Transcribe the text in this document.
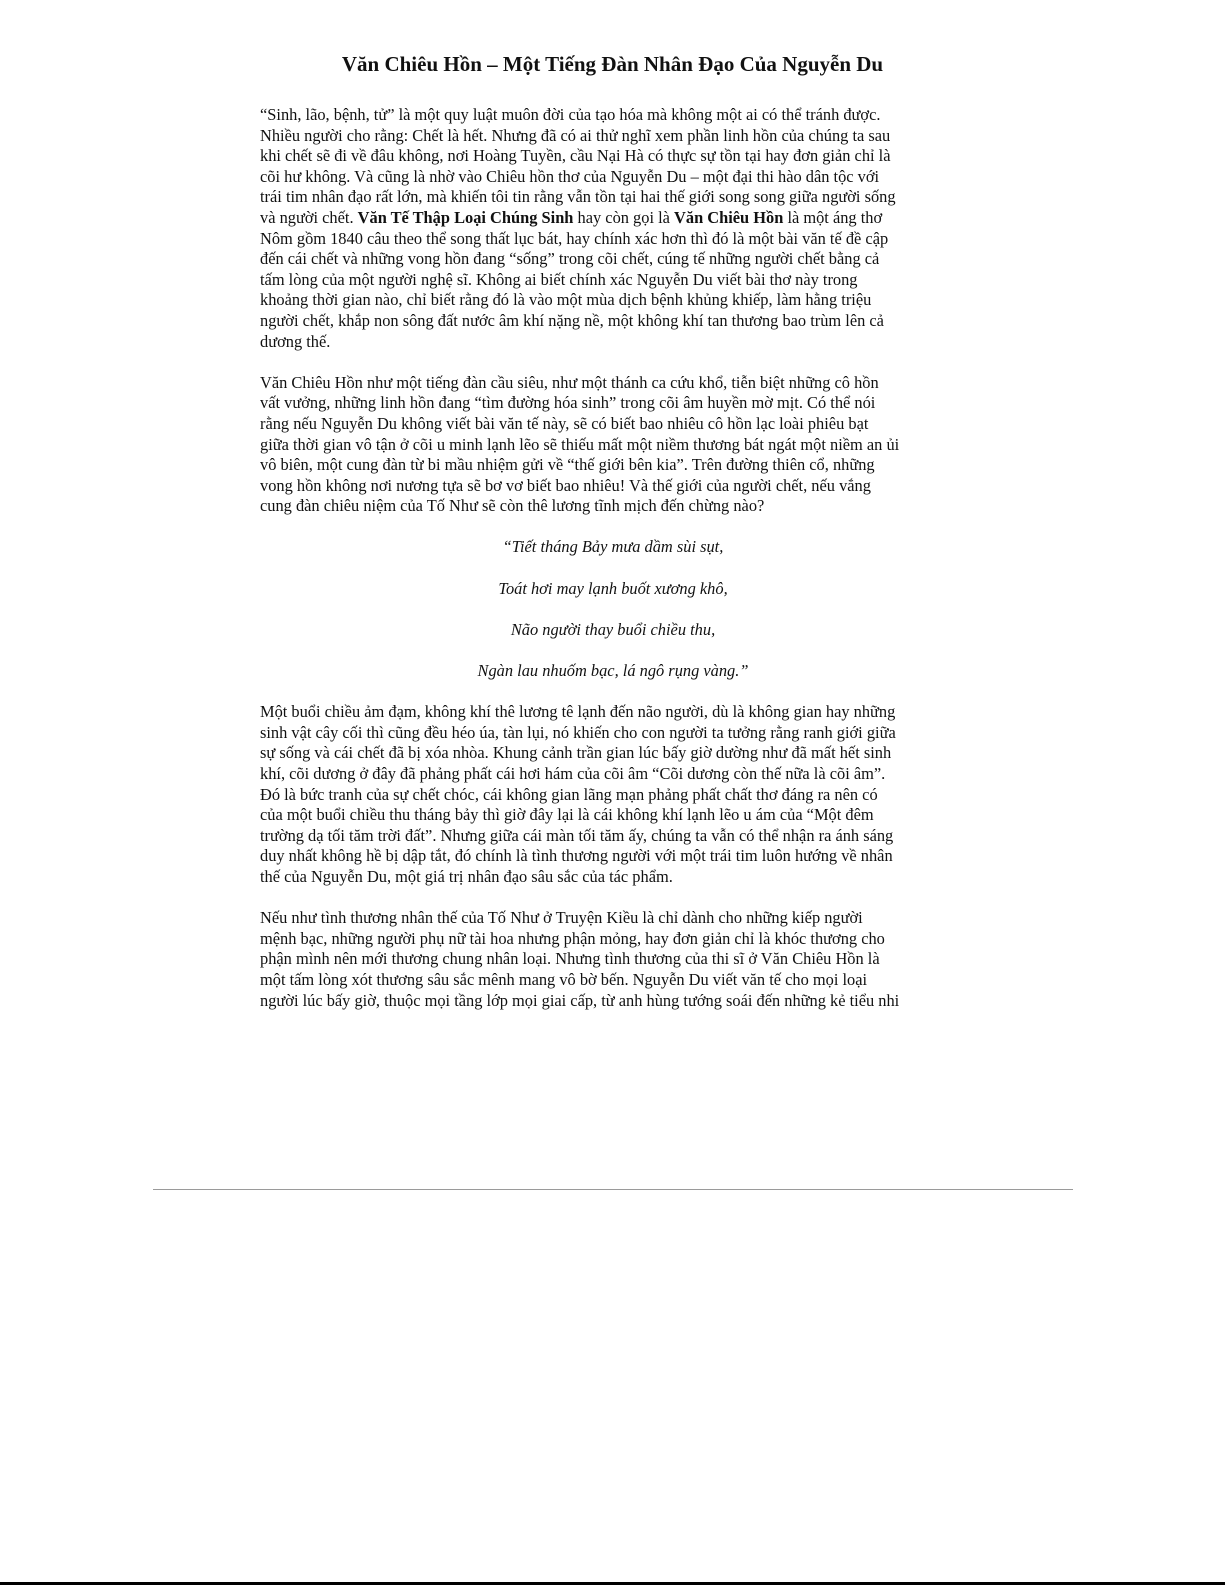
Văn Chiêu Hồn – Một Tiếng Đàn Nhân Đạo Của Nguyễn Du

“Sinh, lão, bệnh, tử” là một quy luật muôn đời của tạo hóa mà không một ai có thể tránh được.
Nhiều người cho rằng: Chết là hết. Nhưng đã có ai thử nghĩ xem phần linh hồn của chúng ta sau
khi chết sẽ đi về đâu không, nơi Hoàng Tuyền, cầu Nại Hà có thực sự tồn tại hay đơn giản chỉ là
cõi hư không. Và cũng là nhờ vào Chiêu hồn thơ của Nguyễn Du – một đại thi hào dân tộc với
trái tim nhân đạo rất lớn, mà khiến tôi tin rằng vẫn tồn tại hai thế giới song song giữa người sống
và người chết. Văn Tế Thập Loại Chúng Sinh hay còn gọi là Văn Chiêu Hồn là một áng thơ
Nôm gồm 1840 câu theo thể song thất lục bát, hay chính xác hơn thì đó là một bài văn tế đề cập
đến cái chết và những vong hồn đang “sống” trong cõi chết, cúng tế những người chết bằng cả
tấm lòng của một người nghệ sĩ. Không ai biết chính xác Nguyễn Du viết bài thơ này trong
khoảng thời gian nào, chỉ biết rằng đó là vào một mùa dịch bệnh khủng khiếp, làm hằng triệu
người chết, khắp non sông đất nước âm khí nặng nề, một không khí tan thương bao trùm lên cả
dương thế.

Văn Chiêu Hồn như một tiếng đàn cầu siêu, như một thánh ca cứu khổ, tiễn biệt những cô hồn
vất vưởng, những linh hồn đang “tìm đường hóa sinh” trong cõi âm huyền mờ mịt. Có thể nói
rằng nếu Nguyễn Du không viết bài văn tế này, sẽ có biết bao nhiêu cô hồn lạc loài phiêu bạt
giữa thời gian vô tận ở cõi u minh lạnh lẽo sẽ thiếu mất một niềm thương bát ngát một niềm an ủi
vô biên, một cung đàn từ bi mầu nhiệm gửi về “thế giới bên kia”. Trên đường thiên cổ, những
vong hồn không nơi nương tựa sẽ bơ vơ biết bao nhiêu! Và thế giới của người chết, nếu vắng
cung đàn chiêu niệm của Tố Như sẽ còn thê lương tĩnh mịch đến chừng nào?

“Tiết tháng Bảy mưa dầm sùi sụt,
Toát hơi may lạnh buốt xương khô,
Não người thay buổi chiều thu,
Ngàn lau nhuốm bạc, lá ngô rụng vàng.”

Một buổi chiều ảm đạm, không khí thê lương tê lạnh đến não người, dù là không gian hay những
sinh vật cây cối thì cũng đều héo úa, tàn lụi, nó khiến cho con người ta tưởng rằng ranh giới giữa
sự sống và cái chết đã bị xóa nhòa. Khung cảnh trần gian lúc bấy giờ dường như đã mất hết sinh
khí, cõi dương ở đây đã phảng phất cái hơi hám của cõi âm “Cõi dương còn thế nữa là cõi âm”.
Đó là bức tranh của sự chết chóc, cái không gian lãng mạn phảng phất chất thơ đáng ra nên có
của một buổi chiều thu tháng bảy thì giờ đây lại là cái không khí lạnh lẽo u ám của “Một đêm
trường dạ tối tăm trời đất”. Nhưng giữa cái màn tối tăm ấy, chúng ta vẫn có thể nhận ra ánh sáng
duy nhất không hề bị dập tắt, đó chính là tình thương người với một trái tim luôn hướng về nhân
thế của Nguyễn Du, một giá trị nhân đạo sâu sắc của tác phẩm.

Nếu như tình thương nhân thế của Tố Như ở Truyện Kiều là chỉ dành cho những kiếp người
mệnh bạc, những người phụ nữ tài hoa nhưng phận mỏng, hay đơn giản chỉ là khóc thương cho
phận mình nên mới thương chung nhân loại. Nhưng tình thương của thi sĩ ở Văn Chiêu Hồn là
một tấm lòng xót thương sâu sắc mênh mang vô bờ bến. Nguyễn Du viết văn tế cho mọi loại
người lúc bấy giờ, thuộc mọi tầng lớp mọi giai cấp, từ anh hùng tướng soái đến những kẻ tiểu nhi
